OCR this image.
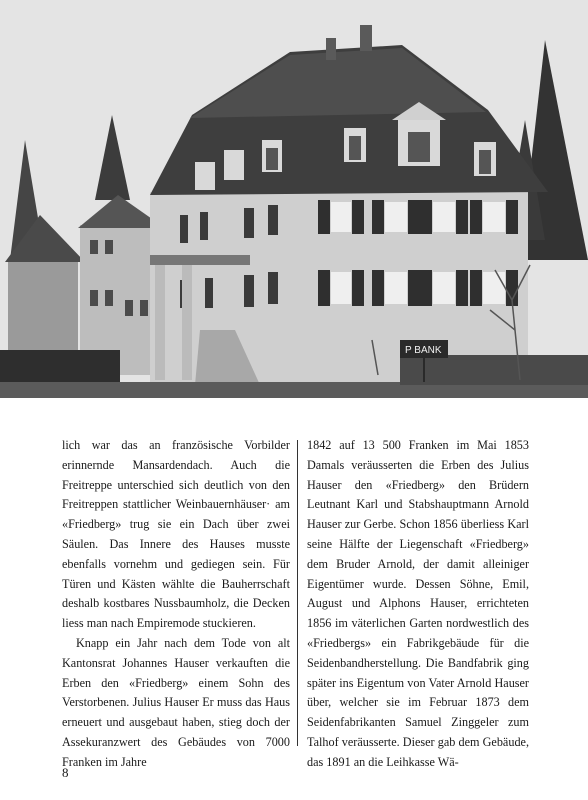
P BANK

lich war das an französische Vorbilder erinnernde Mansardendach. Auch die Freitreppe unterschied sich deutlich von den Freitreppen stattlicher Weinbauernhäuser· am «Friedberg» trug sie ein Dach über zwei Säulen. Das Innere des Hauses musste ebenfalls vornehm und gediegen sein. Für Türen und Kästen wählte die Bauherrschaft deshalb kostbares Nussbaumholz, die Decken liess man nach Empiremode stuckieren.

Knapp ein Jahr nach dem Tode von alt Kantonsrat Johannes Hauser verkauften die Erben den «Friedberg» einem Sohn des Verstorbenen. Julius Hauser Er muss das Haus erneuert und ausgebaut haben, stieg doch der Assekuranzwert des Gebäudes von 7000 Franken im Jahre

1842 auf 13 500 Franken im Mai 1853 Damals veräusserten die Erben des Julius Hauser den «Friedberg» den Brüdern Leutnant Karl und Stabshauptmann Arnold Hauser zur Gerbe. Schon 1856 überliess Karl seine Hälfte der Liegenschaft «Friedberg» dem Bruder Arnold, der damit alleiniger Eigentümer wurde. Dessen Söhne, Emil, August und Alphons Hauser, errichteten 1856 im väterlichen Garten nordwestlich des «Friedbergs» ein Fabrikgebäude für die Seidenbandherstellung. Die Bandfabrik ging später ins Eigentum von Vater Arnold Hauser über, welcher sie im Februar 1873 dem Seidenfabrikanten Samuel Zinggeler zum Talhof veräusserte. Dieser gab dem Gebäude, das 1891 an die Leihkasse Wä-

8
